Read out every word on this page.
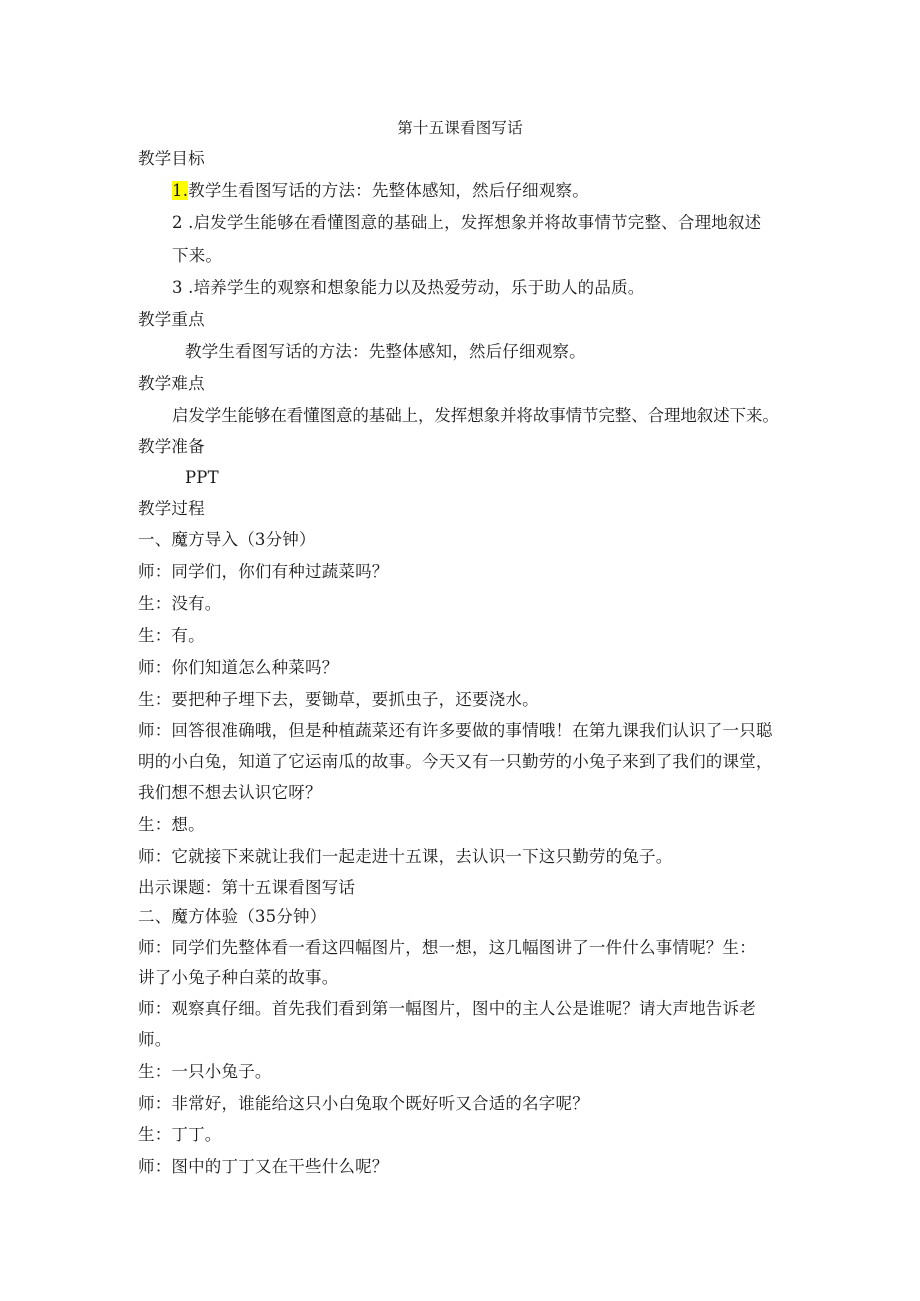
第十五课看图写话
教学目标
1.教学生看图写话的方法：先整体感知，然后仔细观察。
2 .启发学生能够在看懂图意的基础上，发挥想象并将故事情节完整、合理地叙述
下来。
3 .培养学生的观察和想象能力以及热爱劳动，乐于助人的品质。
教学重点
教学生看图写话的方法：先整体感知，然后仔细观察。
教学难点
启发学生能够在看懂图意的基础上，发挥想象并将故事情节完整、合理地叙述下来。
教学准备
PPT
教学过程
一、魔方导入（3分钟）
师：同学们，你们有种过蔬菜吗？
生：没有。
生：有。
师：你们知道怎么种菜吗？
生：要把种子埋下去，要锄草，要抓虫子，还要浇水。
师：回答很准确哦，但是种植蔬菜还有许多要做的事情哦！在第九课我们认识了一只聪
明的小白兔，知道了它运南瓜的故事。今天又有一只勤劳的小兔子来到了我们的课堂，
我们想不想去认识它呀？
生：想。
师：它就接下来就让我们一起走进十五课，去认识一下这只勤劳的兔子。
出示课题：第十五课看图写话
二、魔方体验（35分钟）
师：同学们先整体看一看这四幅图片，想一想，这几幅图讲了一件什么事情呢？生：
讲了小兔子种白菜的故事。
师：观察真仔细。首先我们看到第一幅图片，图中的主人公是谁呢？请大声地告诉老
师。
生：一只小兔子。
师：非常好，谁能给这只小白兔取个既好听又合适的名字呢？
生：丁丁。
师：图中的丁丁又在干些什么呢？
